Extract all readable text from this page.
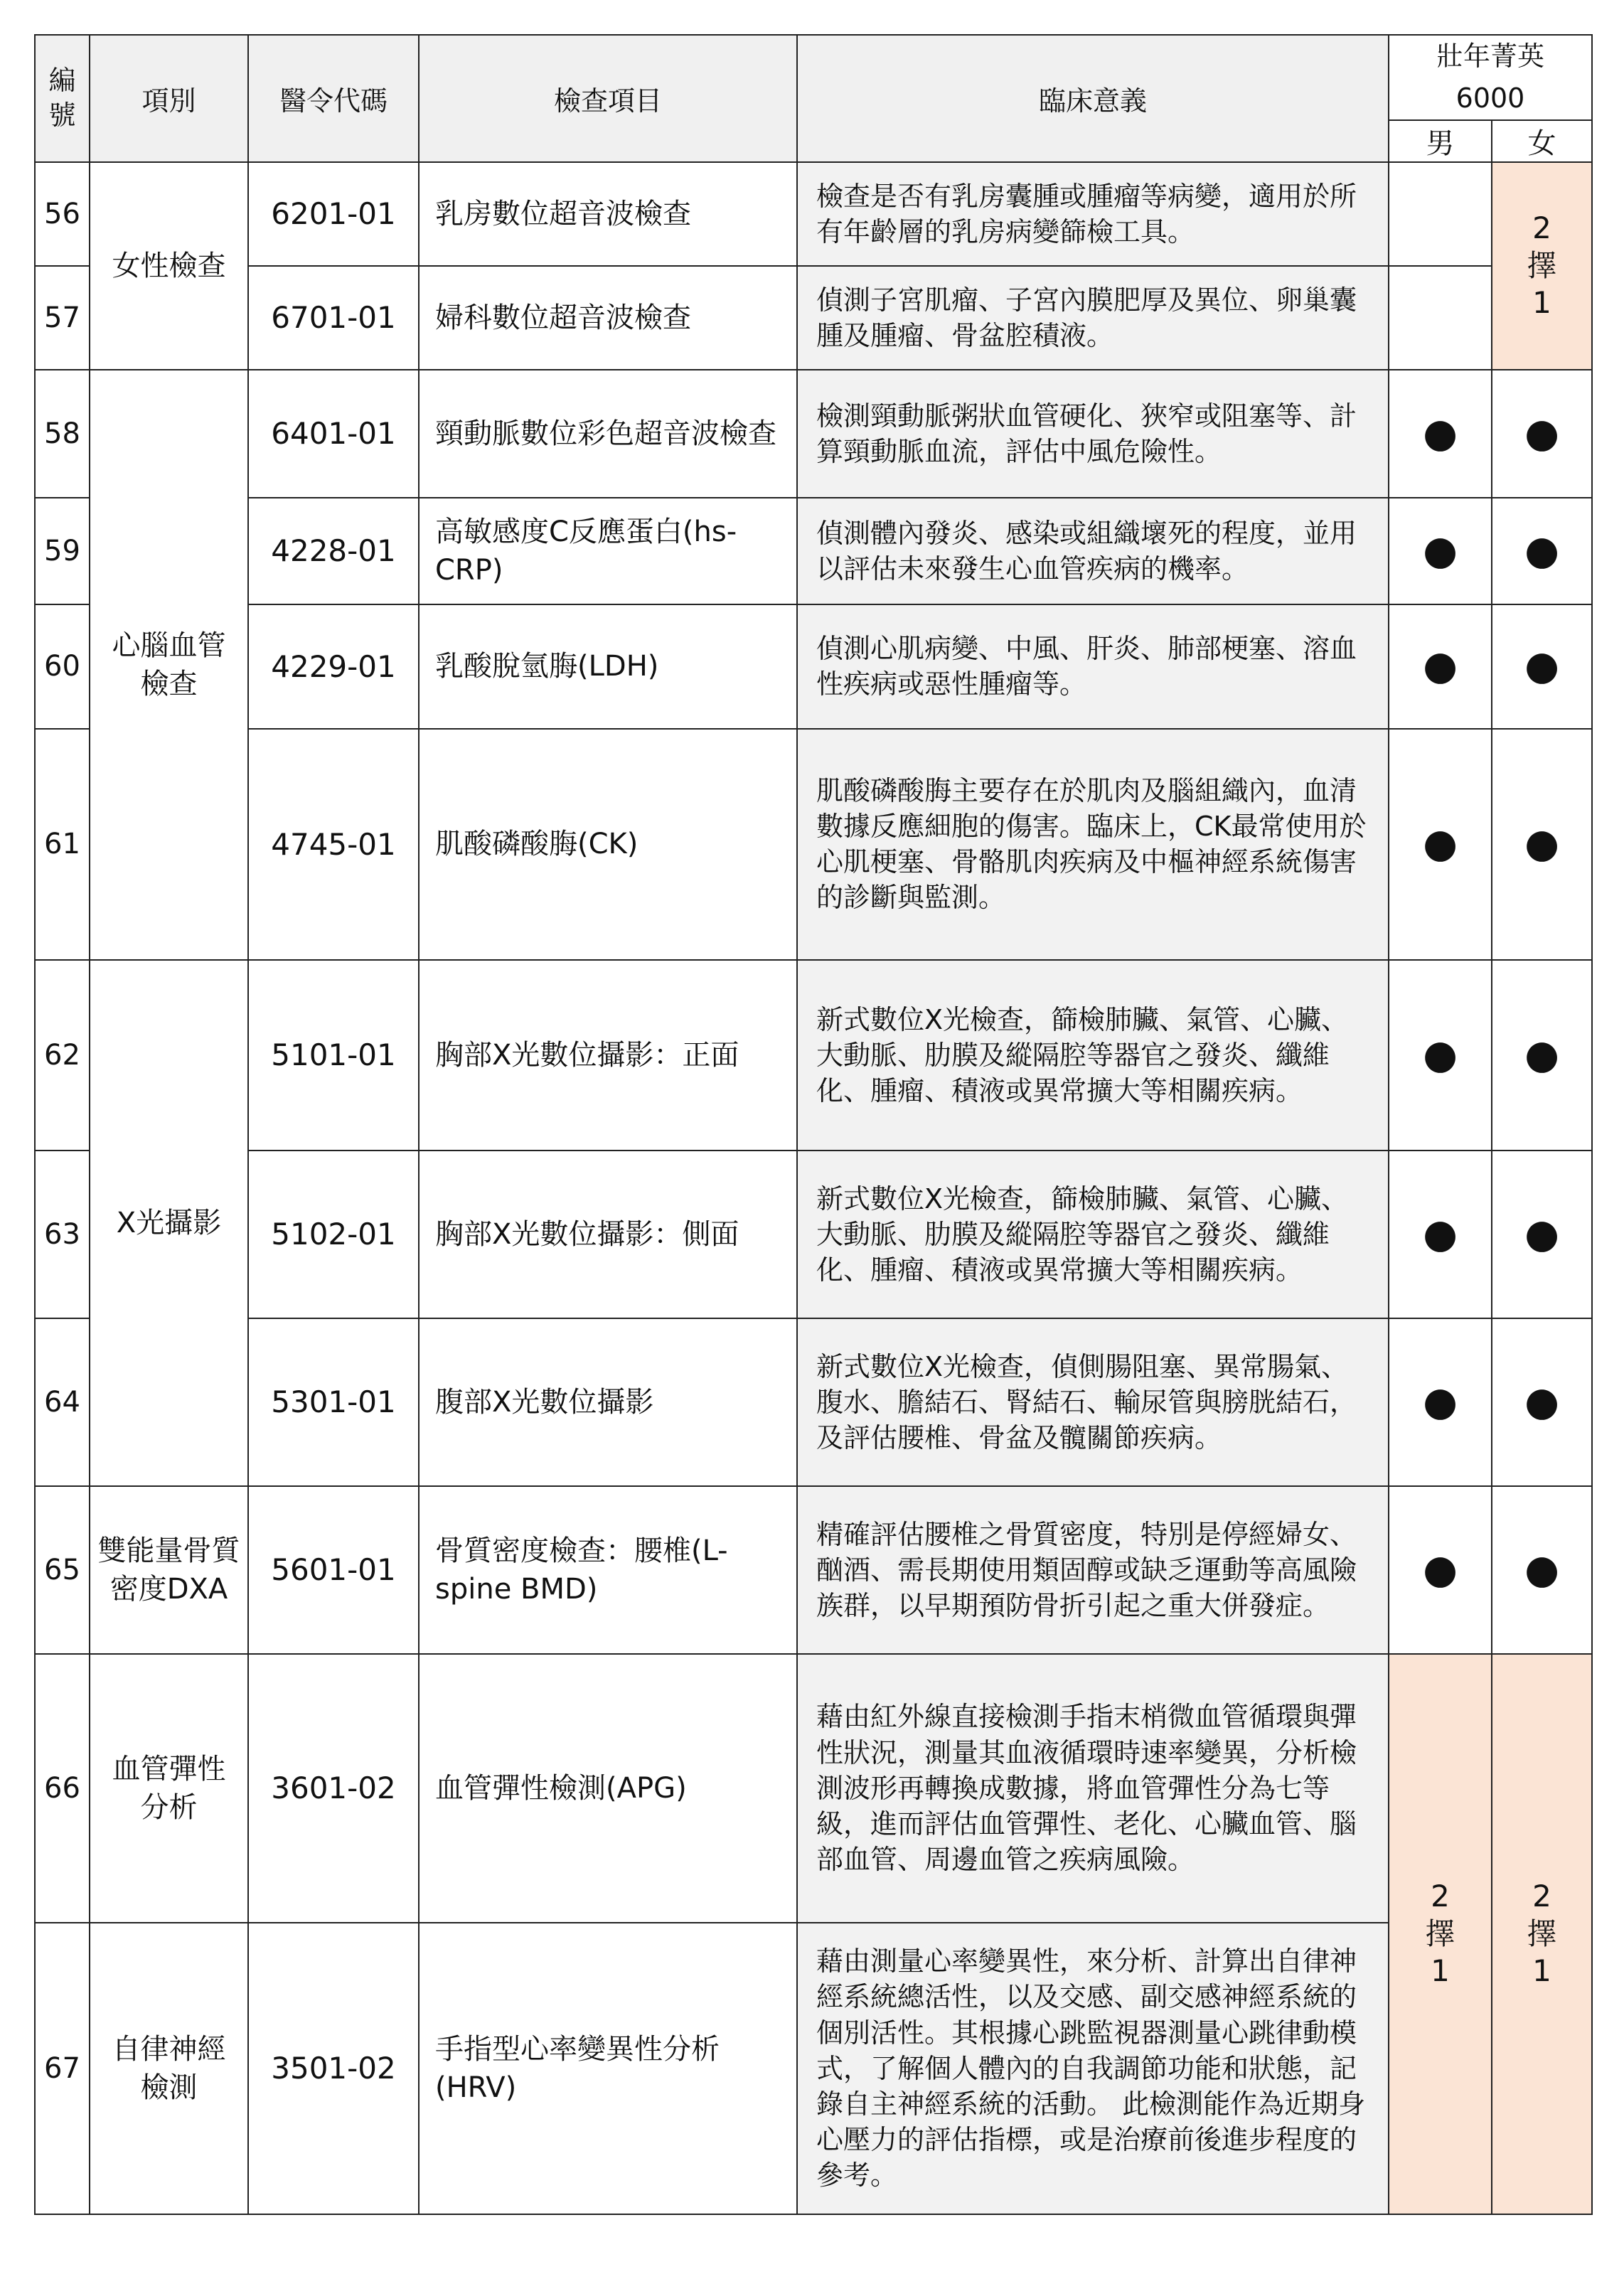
編號	項別	醫令代碼	檢查項目	臨床意義	壯年菁英
6000	

					男	女
56	女性檢查	6201-01	乳房數位超音波檢查	檢查是否有乳房囊腫或腫瘤等病變，適用於所有年齡層的乳房病變篩檢工具。		2擇1
57		6701-01	婦科數位超音波檢查	偵測子宮肌瘤、子宮內膜肥厚及異位、卵巢囊腫及腫瘤、骨盆腔積液。		
58	心腦血管檢查	6401-01	頸動脈數位彩色超音波檢查	檢測頸動脈粥狀血管硬化、狹窄或阻塞等、計算頸動脈血流，評估中風危險性。	●	●
59		4228-01	高敏感度C反應蛋白(hs-CRP)	偵測體內發炎、感染或組織壞死的程度，並用以評估未來發生心血管疾病的機率。	●	●
60		4229-01	乳酸脫氫脢(LDH)	偵測心肌病變、中風、肝炎、肺部梗塞、溶血性疾病或惡性腫瘤等。	●	●
61		4745-01	肌酸磷酸脢(CK)	肌酸磷酸脢主要存在於肌肉及腦組織內，血清數據反應細胞的傷害。臨床上，CK最常使用於心肌梗塞、骨骼肌肉疾病及中樞神經系統傷害的診斷與監測。	●	●
62	X光攝影	5101-01	胸部X光數位攝影：正面	新式數位X光檢查，篩檢肺臟、氣管、心臟、大動脈、肋膜及縱隔腔等器官之發炎、纖維化、腫瘤、積液或異常擴大等相關疾病。	●	●
63		5102-01	胸部X光數位攝影：側面	新式數位X光檢查，篩檢肺臟、氣管、心臟、大動脈、肋膜及縱隔腔等器官之發炎、纖維化、腫瘤、積液或異常擴大等相關疾病。	●	●
64		5301-01	腹部X光數位攝影	新式數位X光檢查，偵側腸阻塞、異常腸氣、腹水、膽結石、腎結石、輸尿管與膀胱結石，及評估腰椎、骨盆及髖關節疾病。	●	●
65	雙能量骨質密度DXA	5601-01	骨質密度檢查：腰椎(L-spine BMD)	精確評估腰椎之骨質密度，特別是停經婦女、酗酒、需長期使用類固醇或缺乏運動等高風險族群，以早期預防骨折引起之重大併發症。	●	●
66	血管彈性分析	3601-02	血管彈性檢測(APG)	藉由紅外線直接檢測手指末梢微血管循環與彈性狀況，測量其血液循環時速率變異，分析檢測波形再轉換成數據，將血管彈性分為七等級，進而評估血管彈性、老化、心臟血管、腦部血管、周邊血管之疾病風險。	2擇1	2擇1
67	自律神經檢測	3501-02	手指型心率變異性分析(HRV)	藉由測量心率變異性，來分析、計算出自律神經系統總活性，以及交感、副交感神經系統的個別活性。其根據心跳監視器測量心跳律動模式，了解個人體內的自我調節功能和狀態，記錄自主神經系統的活動。 此檢測能作為近期身心壓力的評估指標，或是治療前後進步程度的參考。		
